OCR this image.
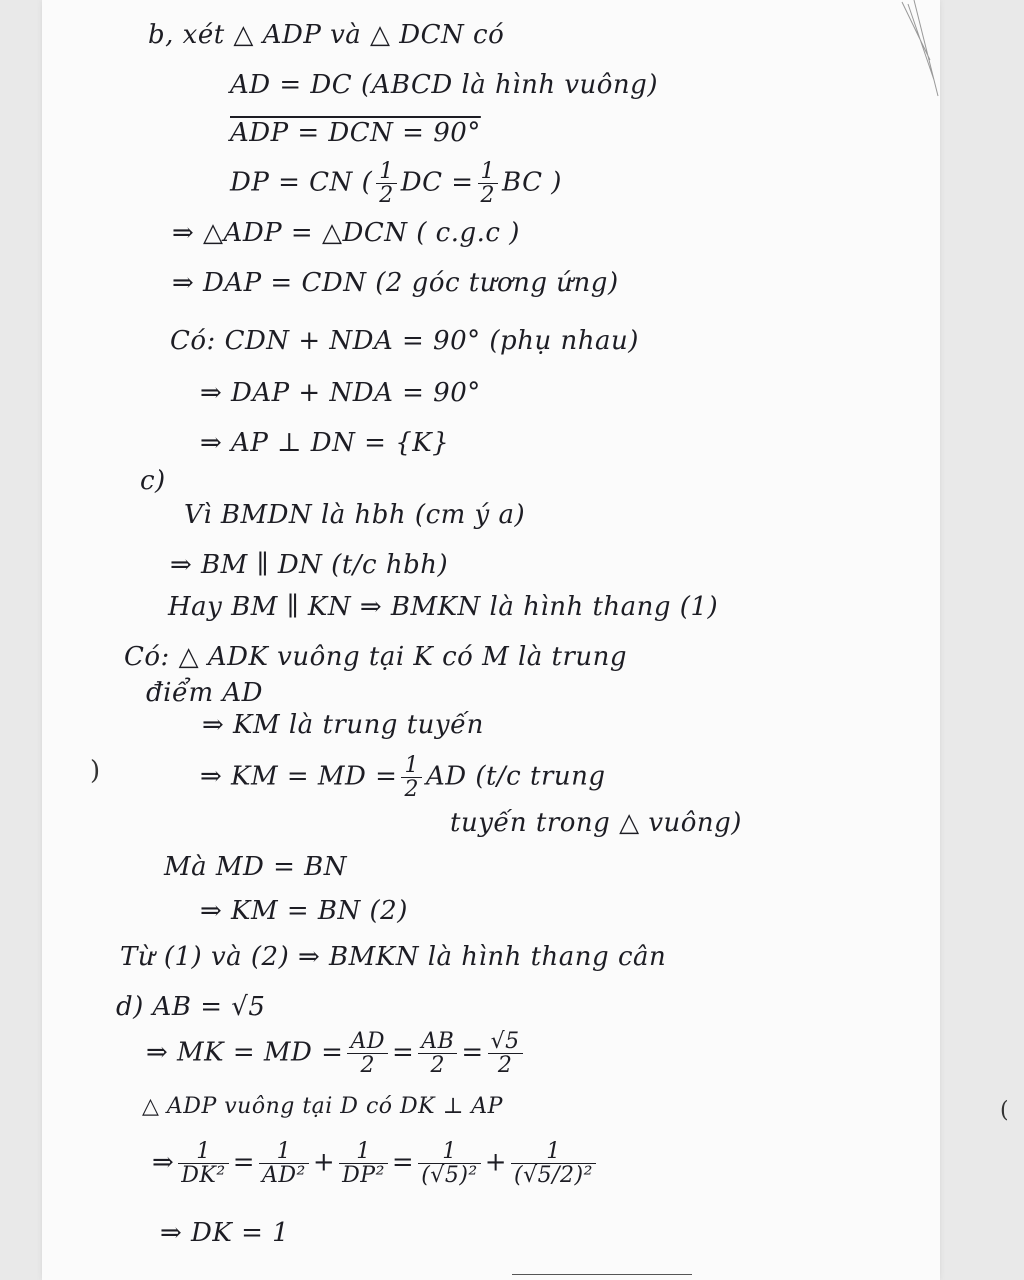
b, xét △ ADP và △ DCN có
AD = DC (ABCD là hình vuông)
ADP = DCN = 90°
DP = CN ( $\frac{1}{2}$ DC = $\frac{1}{2}$ BC )
⇒ △ADP = △DCN ( c.g.c )
⇒ DAP = CDN (2 góc tương ứng)
Có: CDN + NDA = 90° (phụ nhau)
⇒ DAP + NDA = 90°
⇒ AP ⊥ DN = {K}
c)
Vì BMDN là hbh (cm ý a)
⇒ BM ∥ DN (t/c hbh)
Hay BM ∥ KN ⇒ BMKN là hình thang (1)
Có: △ ADK vuông tại K có M là trung
điểm AD
⇒ KM là trung tuyến
⇒ KM = MD = $\frac{1}{2}$ AD (t/c trung
tuyến trong △ vuông)
Mà MD = BN
⇒ KM = BN (2)
Từ (1) và (2) ⇒ BMKN là hình thang cân
d) AB = √5
⇒ MK = MD = $\frac{AD}{2} = \frac{AB}{2} = \frac{√5}{2}$
△ ADP vuông tại D có DK ⊥ AP
⇒ $\frac{1}{\text{DK²}} = \frac{1}{\text{AD²}} + \frac{1}{\text{DP²}} = \frac{1}{\text{(√5)²}} + \frac{1}{\text{(√5/2)²}}$
⇒ DK = 1
)
(
